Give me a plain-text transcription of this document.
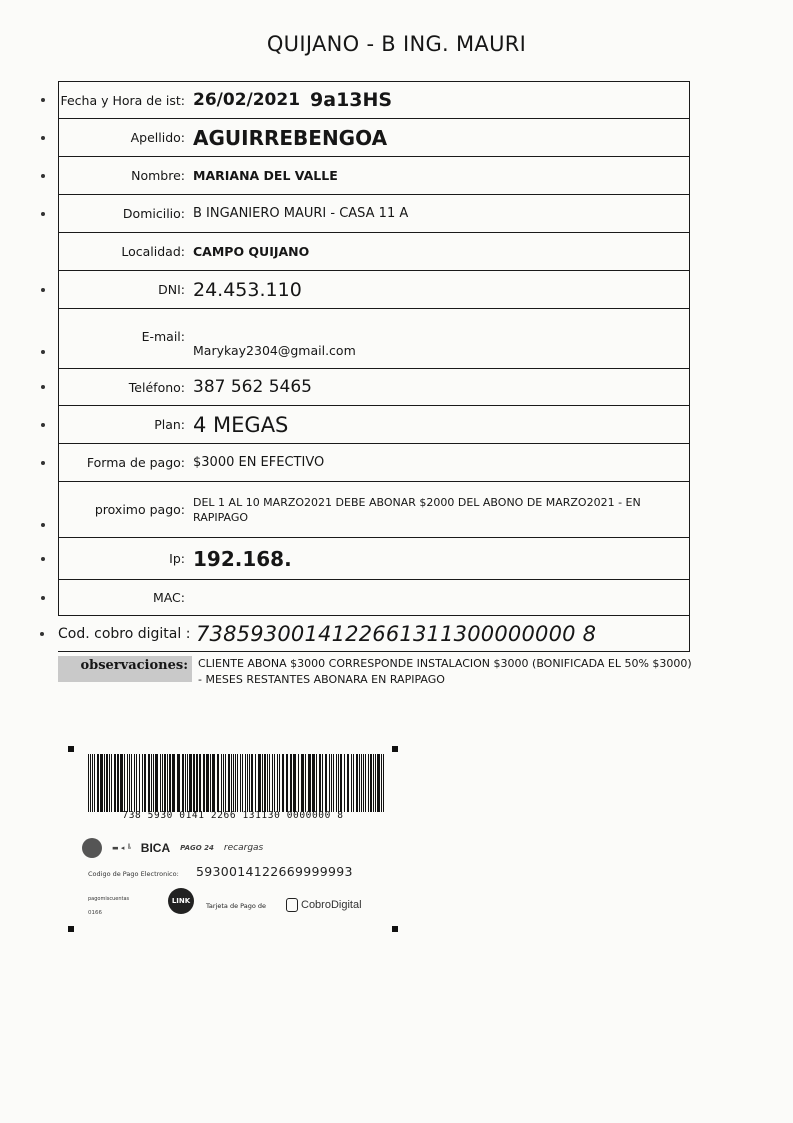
QUIJANO - B ING. MAURI
Fecha y Hora de ist: 26/02/2021 9a13HS
Apellido: AGUIRREBENGOA
Nombre: MARIANA DEL VALLE
Domicilio: B INGANIERO MAURI - CASA 11 A
Localidad: CAMPO QUIJANO
DNI: 24.453.110
E-mail:
Marykay2304@gmail.com
Teléfono: 387 562 5465
Plan: 4 MEGAS
Forma de pago: $3000 EN EFECTIVO
proximo pago: DEL 1 AL 10 MARZO2021 DEBE ABONAR $2000 DEL ABONO DE MARZO2021 - EN RAPIPAGO
Ip: 192.168.
MAC:
Cod. cobro digital : 7385930014122661311300000000 8
observaciones: CLIENTE ABONA $3000 CORRESPONDE INSTALACION $3000 (BONIFICADA EL 50% $3000) - MESES RESTANTES ABONARA EN RAPIPAGO
738 5930 0141 2266 131130 0000000 8
▬ ◂ ╚ BICA PAGO 24 recargas
Codigo de Pago Electronico: 5930014122669999993
pagomiscuentas
0166
LINK
Tarjeta de Pago de	CobroDigital
